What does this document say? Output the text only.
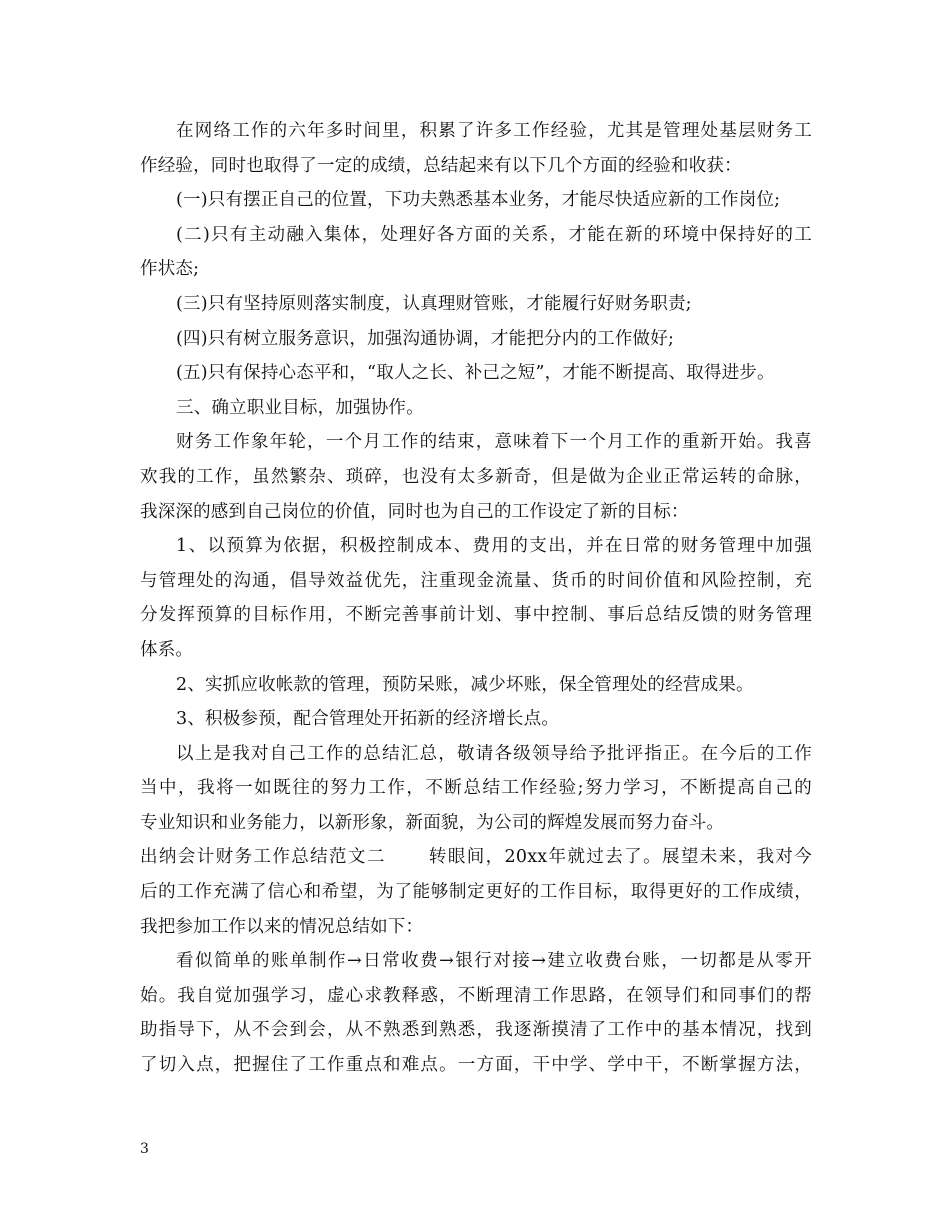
在网络工作的六年多时间里，积累了许多工作经验，尤其是管理处基层财务工
作经验，同时也取得了一定的成绩，总结起来有以下几个方面的经验和收获：
(一)只有摆正自己的位置，下功夫熟悉基本业务，才能尽快适应新的工作岗位;
(二)只有主动融入集体，处理好各方面的关系，才能在新的环境中保持好的工
作状态;
(三)只有坚持原则落实制度，认真理财管账，才能履行好财务职责;
(四)只有树立服务意识，加强沟通协调，才能把分内的工作做好;
(五)只有保持心态平和，“取人之长、补己之短”，才能不断提高、取得进步。
三、确立职业目标，加强协作。
财务工作象年轮，一个月工作的结束，意味着下一个月工作的重新开始。我喜
欢我的工作，虽然繁杂、琐碎，也没有太多新奇，但是做为企业正常运转的命脉，
我深深的感到自己岗位的价值，同时也为自己的工作设定了新的目标：
1、以预算为依据，积极控制成本、费用的支出，并在日常的财务管理中加强
与管理处的沟通，倡导效益优先，注重现金流量、货币的时间价值和风险控制，充
分发挥预算的目标作用，不断完善事前计划、事中控制、事后总结反馈的财务管理
体系。
2、实抓应收帐款的管理，预防呆账，减少坏账，保全管理处的经营成果。
3、积极参预，配合管理处开拓新的经济增长点。
以上是我对自己工作的总结汇总，敬请各级领导给予批评指正。在今后的工作
当中，我将一如既往的努力工作，不断总结工作经验;努力学习，不断提高自己的
专业知识和业务能力，以新形象，新面貌，为公司的辉煌发展而努力奋斗。
出纳会计财务工作总结范文二 转眼间，20xx年就过去了。展望未来，我对今
后的工作充满了信心和希望，为了能够制定更好的工作目标，取得更好的工作成绩，
我把参加工作以来的情况总结如下：
看似简单的账单制作→日常收费→银行对接→建立收费台账，一切都是从零开
始。我自觉加强学习，虚心求教释惑，不断理清工作思路，在领导们和同事们的帮
助指导下，从不会到会，从不熟悉到熟悉，我逐渐摸清了工作中的基本情况，找到
了切入点，把握住了工作重点和难点。一方面，干中学、学中干，不断掌握方法，
3
